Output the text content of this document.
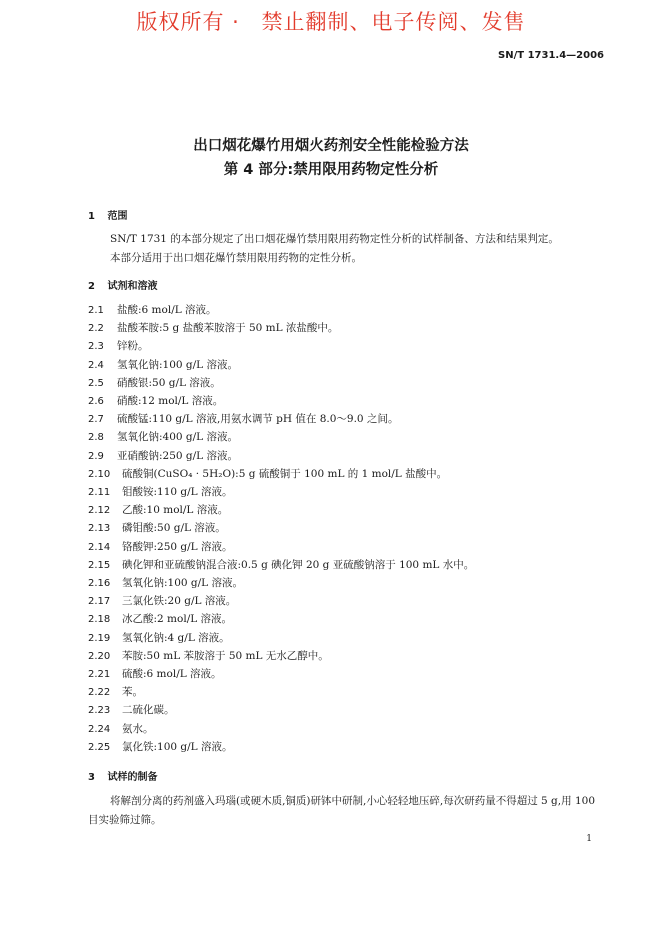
版权所有 · 禁止翻制、电子传阅、发售
SN/T 1731.4—2006
出口烟花爆竹用烟火药剂安全性能检验方法
第 4 部分:禁用限用药物定性分析
1 范围
SN/T 1731 的本部分规定了出口烟花爆竹禁用限用药物定性分析的试样制备、方法和结果判定。
本部分适用于出口烟花爆竹禁用限用药物的定性分析。
2 试剂和溶液
2.1 盐酸:6 mol/L 溶液。
2.2 盐酸苯胺:5 g 盐酸苯胺溶于 50 mL 浓盐酸中。
2.3 锌粉。
2.4 氢氧化钠:100 g/L 溶液。
2.5 硝酸银:50 g/L 溶液。
2.6 硝酸:12 mol/L 溶液。
2.7 硫酸锰:110 g/L 溶液,用氨水调节 pH 值在 8.0～9.0 之间。
2.8 氢氧化钠:400 g/L 溶液。
2.9 亚硝酸钠:250 g/L 溶液。
2.10 硫酸铜(CuSO₄ · 5H₂O):5 g 硫酸铜于 100 mL 的 1 mol/L 盐酸中。
2.11 钼酸铵:110 g/L 溶液。
2.12 乙酸:10 mol/L 溶液。
2.13 磷钼酸:50 g/L 溶液。
2.14 铬酸钾:250 g/L 溶液。
2.15 碘化钾和亚硫酸钠混合液:0.5 g 碘化钾 20 g 亚硫酸钠溶于 100 mL 水中。
2.16 氢氧化钠:100 g/L 溶液。
2.17 三氯化铁:20 g/L 溶液。
2.18 冰乙酸:2 mol/L 溶液。
2.19 氢氧化钠:4 g/L 溶液。
2.20 苯胺:50 mL 苯胺溶于 50 mL 无水乙醇中。
2.21 硫酸:6 mol/L 溶液。
2.22 苯。
2.23 二硫化碳。
2.24 氨水。
2.25 氯化铁:100 g/L 溶液。
3 试样的制备
将解剖分离的药剂盛入玛瑙(或硬木质,铜质)研钵中研制,小心轻轻地压碎,每次研药量不得超过 5 g,用 100 目实验筛过筛。
1
